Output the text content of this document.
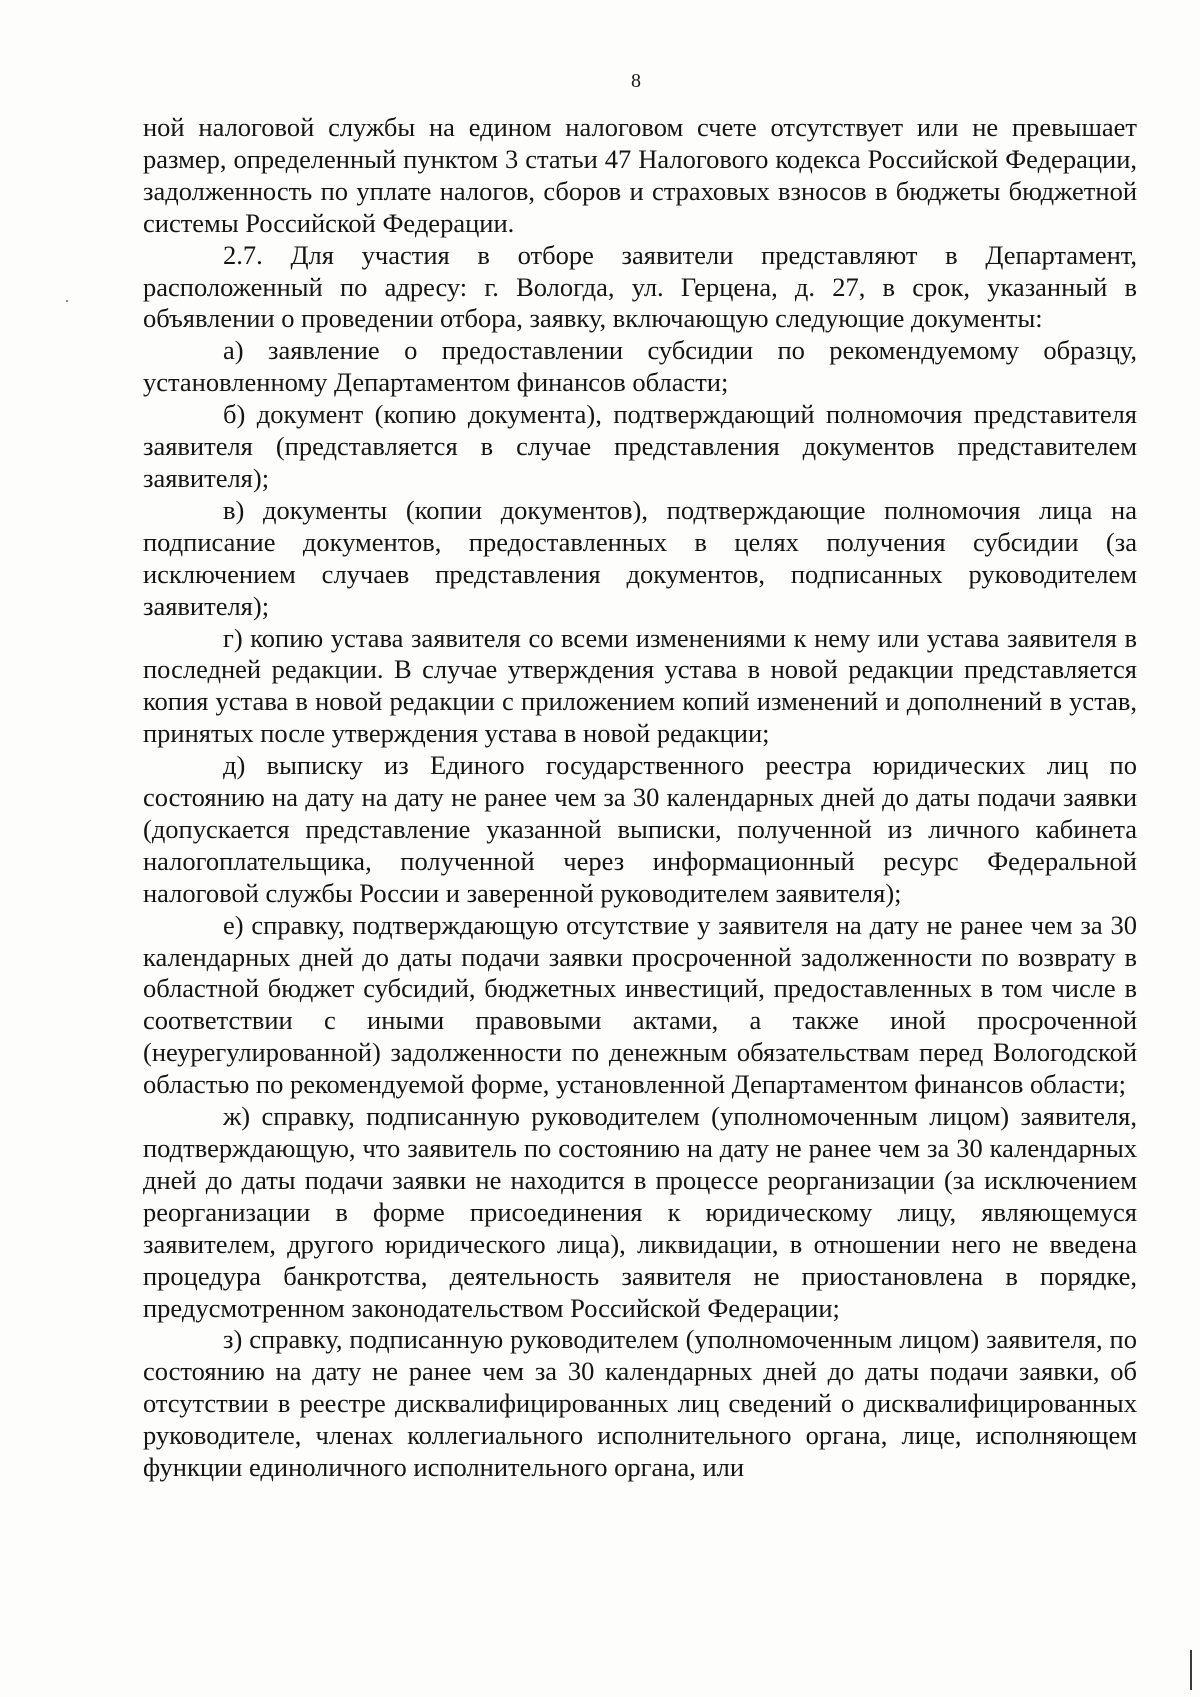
8

ной налоговой службы на едином налоговом счете отсутствует или не превышает размер, определенный пунктом 3 статьи 47 Налогового кодекса Российской Федерации, задолженность по уплате налогов, сборов и страховых взносов в бюджеты бюджетной системы Российской Федерации.

2.7. Для участия в отборе заявители представляют в Департамент, расположенный по адресу: г. Вологда, ул. Герцена, д. 27, в срок, указанный в объявлении о проведении отбора, заявку, включающую следующие документы:

а) заявление о предоставлении субсидии по рекомендуемому образцу, установленному Департаментом финансов области;

б) документ (копию документа), подтверждающий полномочия представителя заявителя (представляется в случае представления документов представителем заявителя);

в) документы (копии документов), подтверждающие полномочия лица на подписание документов, предоставленных в целях получения субсидии (за исключением случаев представления документов, подписанных руководителем заявителя);

г) копию устава заявителя со всеми изменениями к нему или устава заявителя в последней редакции. В случае утверждения устава в новой редакции представляется копия устава в новой редакции с приложением копий изменений и дополнений в устав, принятых после утверждения устава в новой редакции;

д) выписку из Единого государственного реестра юридических лиц по состоянию на дату на дату не ранее чем за 30 календарных дней до даты подачи заявки (допускается представление указанной выписки, полученной из личного кабинета налогоплательщика, полученной через информационный ресурс Федеральной налоговой службы России и заверенной руководителем заявителя);

е) справку, подтверждающую отсутствие у заявителя на дату не ранее чем за 30 календарных дней до даты подачи заявки просроченной задолженности по возврату в областной бюджет субсидий, бюджетных инвестиций, предоставленных в том числе в соответствии с иными правовыми актами, а также иной просроченной (неурегулированной) задолженности по денежным обязательствам перед Вологодской областью по рекомендуемой форме, установленной Департаментом финансов области;

ж) справку, подписанную руководителем (уполномоченным лицом) заявителя, подтверждающую, что заявитель по состоянию на дату не ранее чем за 30 календарных дней до даты подачи заявки не находится в процессе реорганизации (за исключением реорганизации в форме присоединения к юридическому лицу, являющемуся заявителем, другого юридического лица), ликвидации, в отношении него не введена процедура банкротства, деятельность заявителя не приостановлена в порядке, предусмотренном законодательством Российской Федерации;

з) справку, подписанную руководителем (уполномоченным лицом) заявителя, по состоянию на дату не ранее чем за 30 календарных дней до даты подачи заявки, об отсутствии в реестре дисквалифицированных лиц сведений о дисквалифицированных руководителе, членах коллегиального исполнительного органа, лице, исполняющем функции единоличного исполнительного органа, или
